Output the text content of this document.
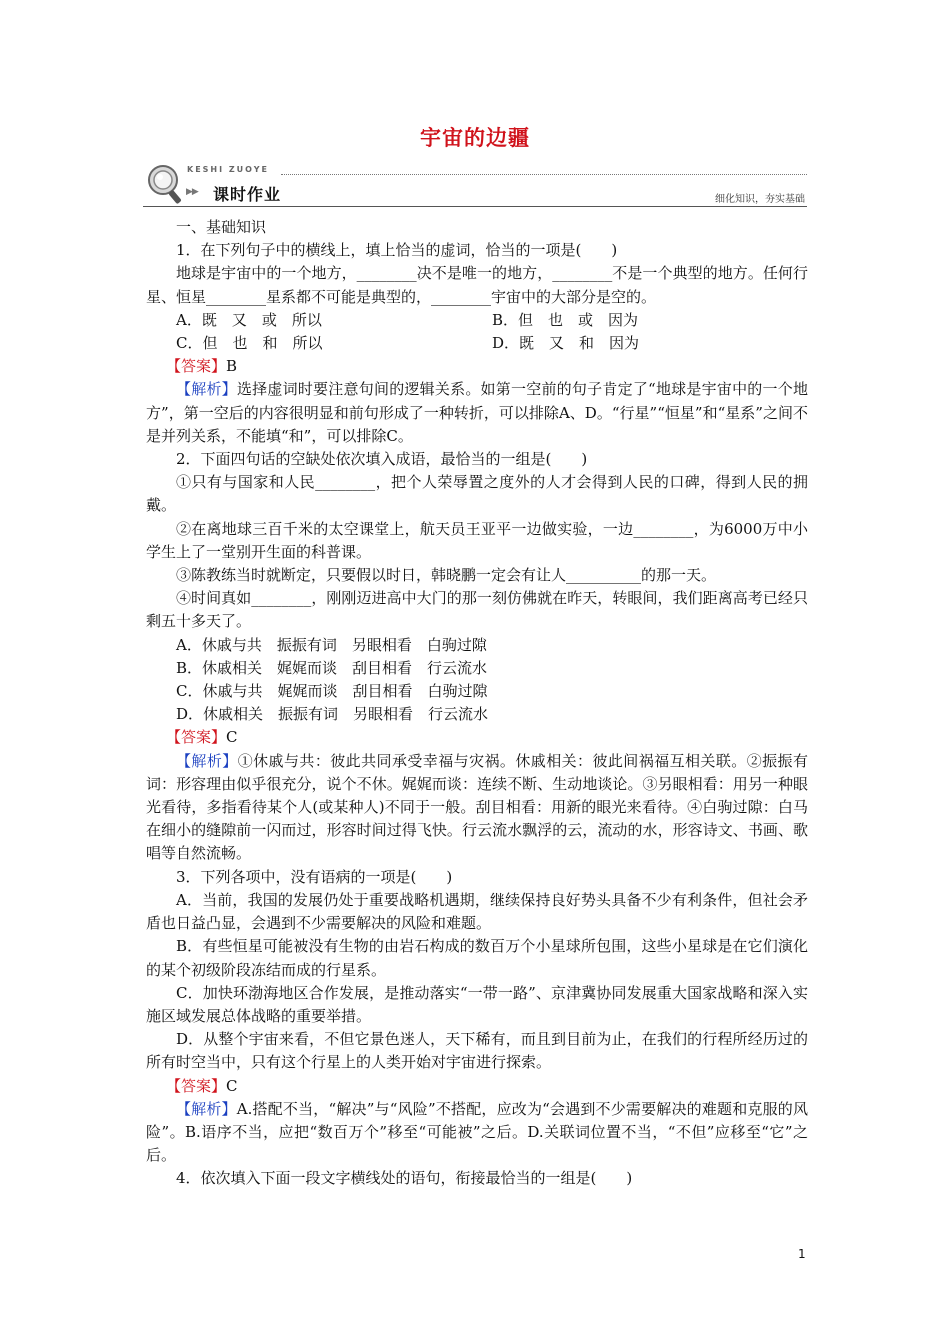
宇宙的边疆
KESHI ZUOYE
▶▶ 课时作业	细化知识，夯实基础

一、基础知识

1．在下列句子中的横线上，填上恰当的虚词，恰当的一项是(　　)

地球是宇宙中的一个地方，________决不是唯一的地方，________不是一个典型的地方。任何行星、恒星________星系都不可能是典型的，________宇宙中的大部分是空的。

A．既　又　或　所以	B．但　也　或　因为
C．但　也　和　所以	D．既　又　和　因为

【答案】B

【解析】选择虚词时要注意句间的逻辑关系。如第一空前的句子肯定了“地球是宇宙中的一个地方”，第一空后的内容很明显和前句形成了一种转折，可以排除A、D。“行星”“恒星”和“星系”之间不是并列关系，不能填“和”，可以排除C。

2．下面四句话的空缺处依次填入成语，最恰当的一组是(　　)

①只有与国家和人民________，把个人荣辱置之度外的人才会得到人民的口碑，得到人民的拥戴。

②在离地球三百千米的太空课堂上，航天员王亚平一边做实验，一边________，为6000万中小学生上了一堂别开生面的科普课。

③陈教练当时就断定，只要假以时日，韩晓鹏一定会有让人__________的那一天。

④时间真如________，刚刚迈进高中大门的那一刻仿佛就在昨天，转眼间，我们距离高考已经只剩五十多天了。

A．休戚与共　振振有词　另眼相看　白驹过隙

B．休戚相关　娓娓而谈　刮目相看　行云流水

C．休戚与共　娓娓而谈　刮目相看　白驹过隙

D．休戚相关　振振有词　另眼相看　行云流水

【答案】C

【解析】①休戚与共：彼此共同承受幸福与灾祸。休戚相关：彼此间祸福互相关联。②振振有词：形容理由似乎很充分，说个不休。娓娓而谈：连续不断、生动地谈论。③另眼相看：用另一种眼光看待，多指看待某个人(或某种人)不同于一般。刮目相看：用新的眼光来看待。④白驹过隙：白马在细小的缝隙前一闪而过，形容时间过得飞快。行云流水飘浮的云，流动的水，形容诗文、书画、歌唱等自然流畅。

3．下列各项中，没有语病的一项是(　　)

A．当前，我国的发展仍处于重要战略机遇期，继续保持良好势头具备不少有利条件，但社会矛盾也日益凸显，会遇到不少需要解决的风险和难题。

B．有些恒星可能被没有生物的由岩石构成的数百万个小星球所包围，这些小星球是在它们演化的某个初级阶段冻结而成的行星系。

C．加快环渤海地区合作发展，是推动落实“一带一路”、京津冀协同发展重大国家战略和深入实施区域发展总体战略的重要举措。

D．从整个宇宙来看，不但它景色迷人，天下稀有，而且到目前为止，在我们的行程所经历过的所有时空当中，只有这个行星上的人类开始对宇宙进行探索。

【答案】C

【解析】A.搭配不当，“解决”与“风险”不搭配，应改为“会遇到不少需要解决的难题和克服的风险”。B.语序不当，应把“数百万个”移至“可能被”之后。D.关联词位置不当，“不但”应移至“它”之后。

4．依次填入下面一段文字横线处的语句，衔接最恰当的一组是(　　)

1
